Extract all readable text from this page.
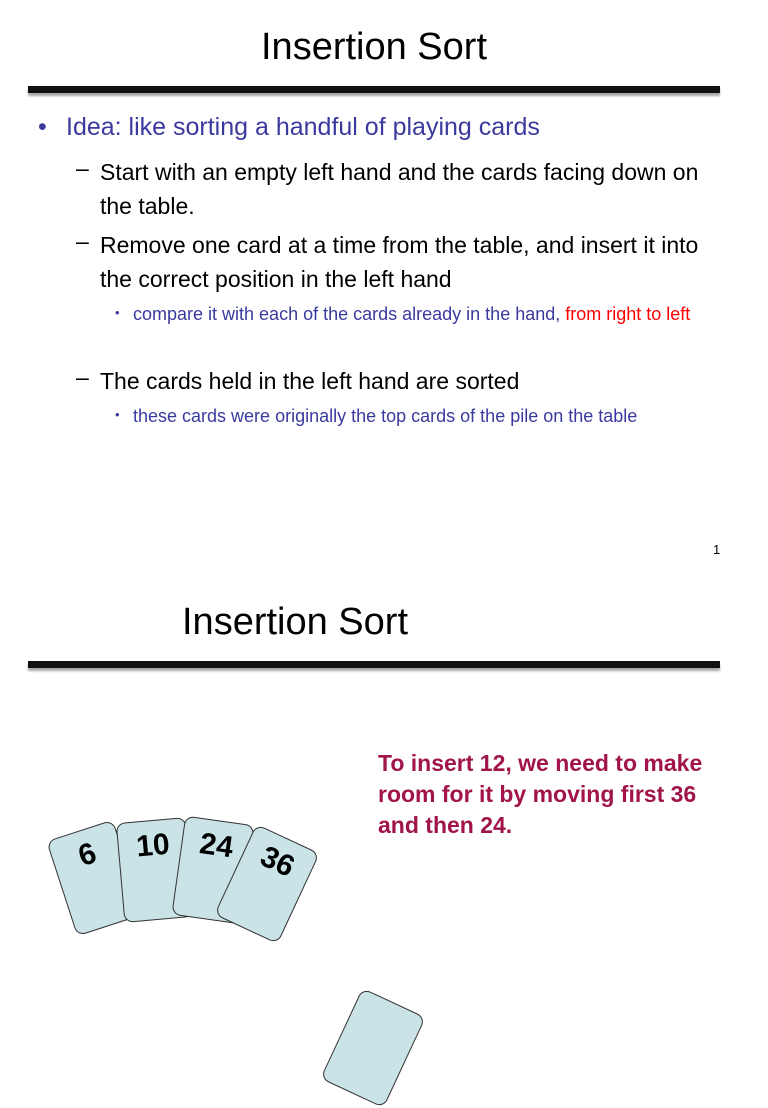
Insertion Sort
• Idea: like sorting a handful of playing cards
– Start with an empty left hand and the cards facing down on the table.
– Remove one card at a time from the table, and insert it into the correct position in the left hand
• compare it with each of the cards already in the hand, from right to left
– The cards held in the left hand are sorted
• these cards were originally the top cards of the pile on the table
1
Insertion Sort
To insert 12, we need to make room for it by moving first 36 and then 24.
6	10 24 36
